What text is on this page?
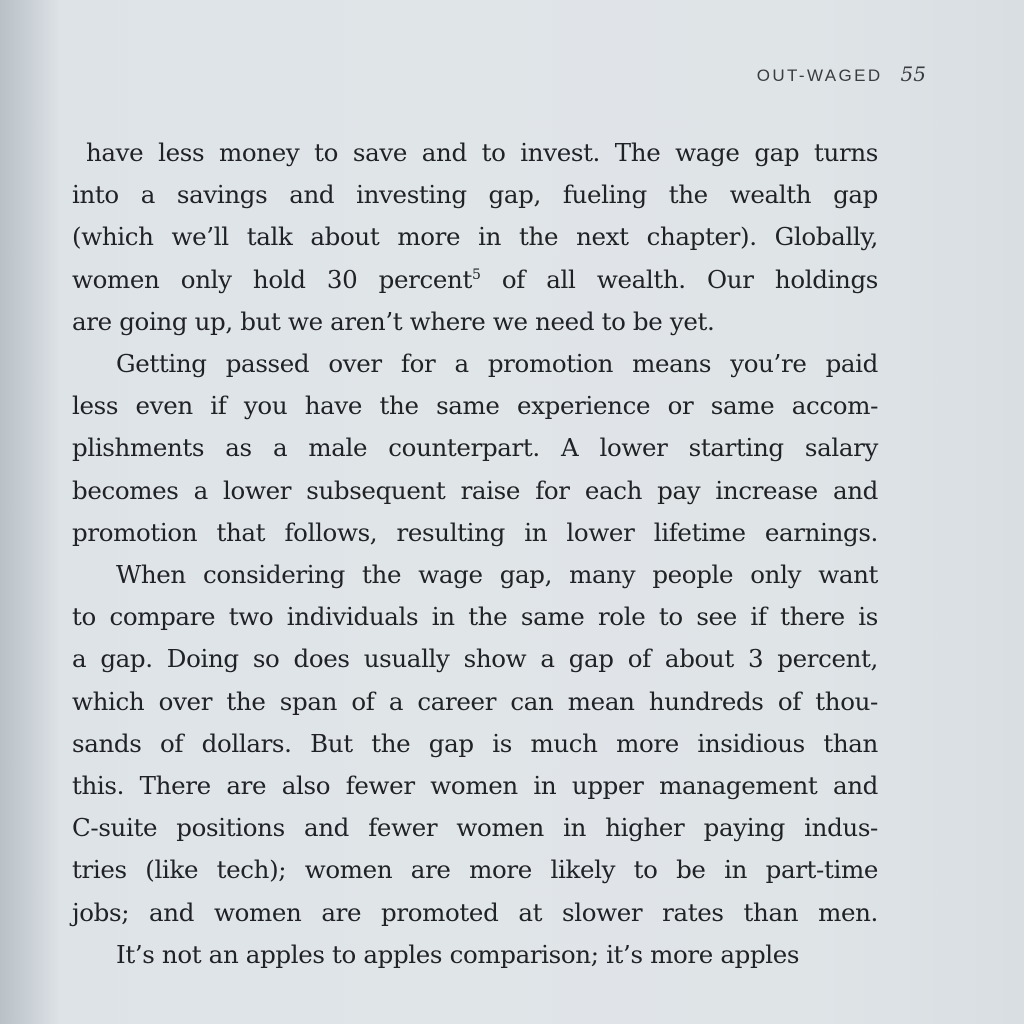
OUT-WAGED 55
have less money to save and to invest. The wage gap turns
into a savings and investing gap, fueling the wealth gap
(which we’ll talk about more in the next chapter). Globally,
women only hold 30 percent$^5$ of all wealth. Our holdings
are going up, but we aren’t where we need to be yet.
Getting passed over for a promotion means you’re paid
less even if you have the same experience or same accom-
plishments as a male counterpart. A lower starting salary
becomes a lower subsequent raise for each pay increase and
promotion that follows, resulting in lower lifetime earnings.
When considering the wage gap, many people only want
to compare two individuals in the same role to see if there is
a gap. Doing so does usually show a gap of about 3 percent,
which over the span of a career can mean hundreds of thou-
sands of dollars. But the gap is much more insidious than
this. There are also fewer women in upper management and
C-suite positions and fewer women in higher paying indus-
tries (like tech); women are more likely to be in part-time
jobs; and women are promoted at slower rates than men.
It’s not an apples to apples comparison; it’s more apples
